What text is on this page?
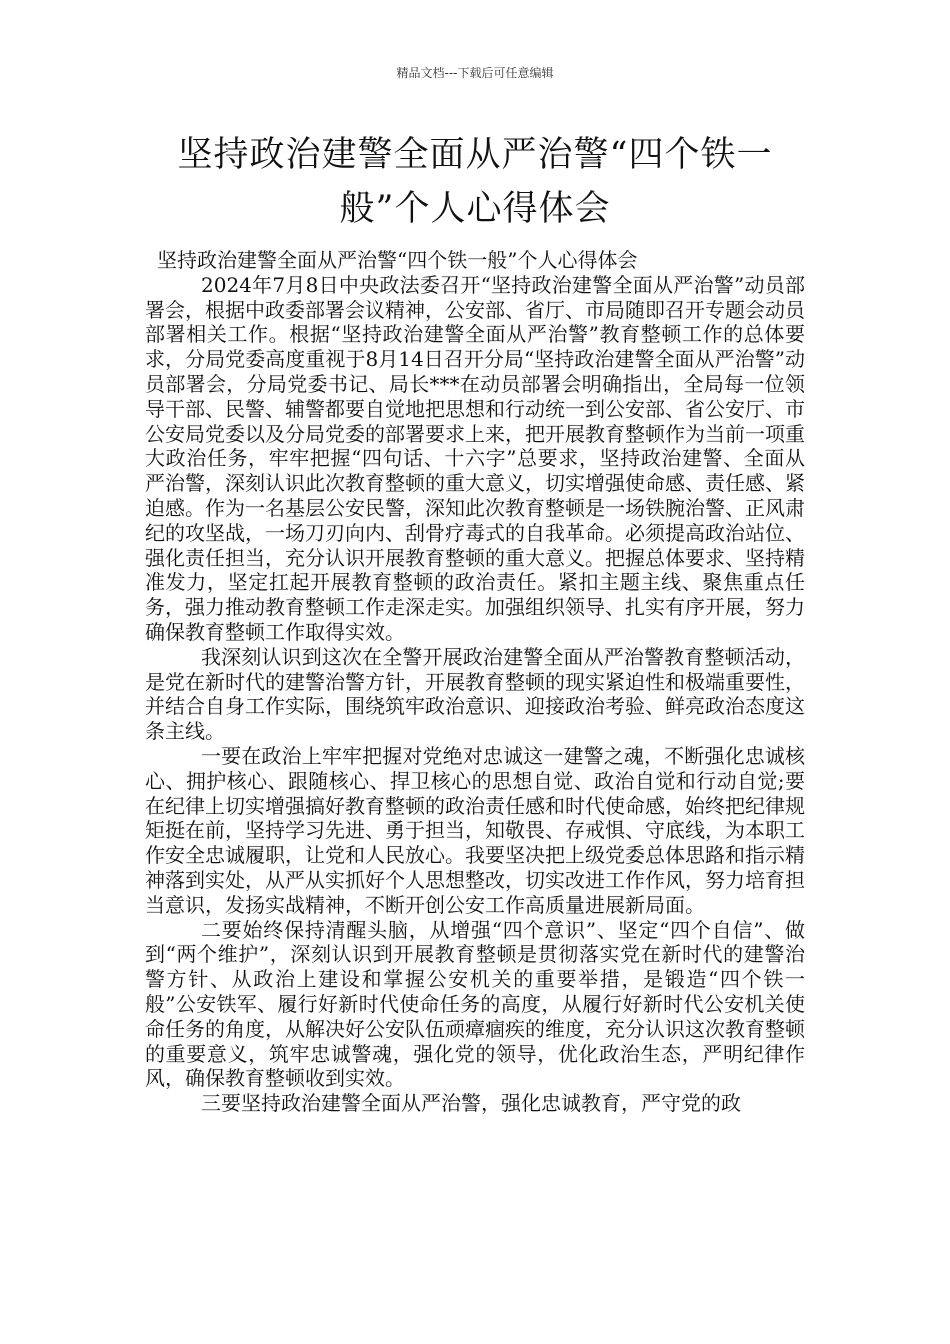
精品文档---下载后可任意编辑
坚持政治建警全面从严治警“四个铁一般”个人心得体会

坚持政治建警全面从严治警“四个铁一般”个人心得体会

2024年7月8日中央政法委召开“坚持政治建警全面从严治警”动员部署会，根据中政委部署会议精神，公安部、省厅、市局随即召开专题会动员部署相关工作。根据“坚持政治建警全面从严治警”教育整顿工作的总体要求，分局党委高度重视于8月14日召开分局“坚持政治建警全面从严治警”动员部署会，分局党委书记、局长***在动员部署会明确指出，全局每一位领导干部、民警、辅警都要自觉地把思想和行动统一到公安部、省公安厅、市公安局党委以及分局党委的部署要求上来，把开展教育整顿作为当前一项重大政治任务，牢牢把握“四句话、十六字”总要求，坚持政治建警、全面从严治警，深刻认识此次教育整顿的重大意义，切实增强使命感、责任感、紧迫感。作为一名基层公安民警，深知此次教育整顿是一场铁腕治警、正风肃纪的攻坚战，一场刀刃向内、刮骨疗毒式的自我革命。必须提高政治站位、强化责任担当，充分认识开展教育整顿的重大意义。把握总体要求、坚持精准发力，坚定扛起开展教育整顿的政治责任。紧扣主题主线、聚焦重点任务，强力推动教育整顿工作走深走实。加强组织领导、扎实有序开展，努力确保教育整顿工作取得实效。

我深刻认识到这次在全警开展政治建警全面从严治警教育整顿活动，是党在新时代的建警治警方针，开展教育整顿的现实紧迫性和极端重要性，并结合自身工作实际，围绕筑牢政治意识、迎接政治考验、鲜亮政治态度这条主线。

一要在政治上牢牢把握对党绝对忠诚这一建警之魂，不断强化忠诚核心、拥护核心、跟随核心、捍卫核心的思想自觉、政治自觉和行动自觉;要在纪律上切实增强搞好教育整顿的政治责任感和时代使命感，始终把纪律规矩挺在前，坚持学习先进、勇于担当，知敬畏、存戒惧、守底线，为本职工作安全忠诚履职，让党和人民放心。我要坚决把上级党委总体思路和指示精神落到实处，从严从实抓好个人思想整改，切实改进工作作风，努力培育担当意识，发扬实战精神，不断开创公安工作高质量进展新局面。

二要始终保持清醒头脑，从增强“四个意识”、坚定“四个自信”、做到“两个维护”，深刻认识到开展教育整顿是贯彻落实党在新时代的建警治警方针、从政治上建设和掌握公安机关的重要举措，是锻造“四个铁一般”公安铁军、履行好新时代使命任务的高度，从履行好新时代公安机关使命任务的角度，从解决好公安队伍顽瘴痼疾的维度，充分认识这次教育整顿的重要意义，筑牢忠诚警魂，强化党的领导，优化政治生态，严明纪律作风，确保教育整顿收到实效。

三要坚持政治建警全面从严治警，强化忠诚教育，严守党的政
